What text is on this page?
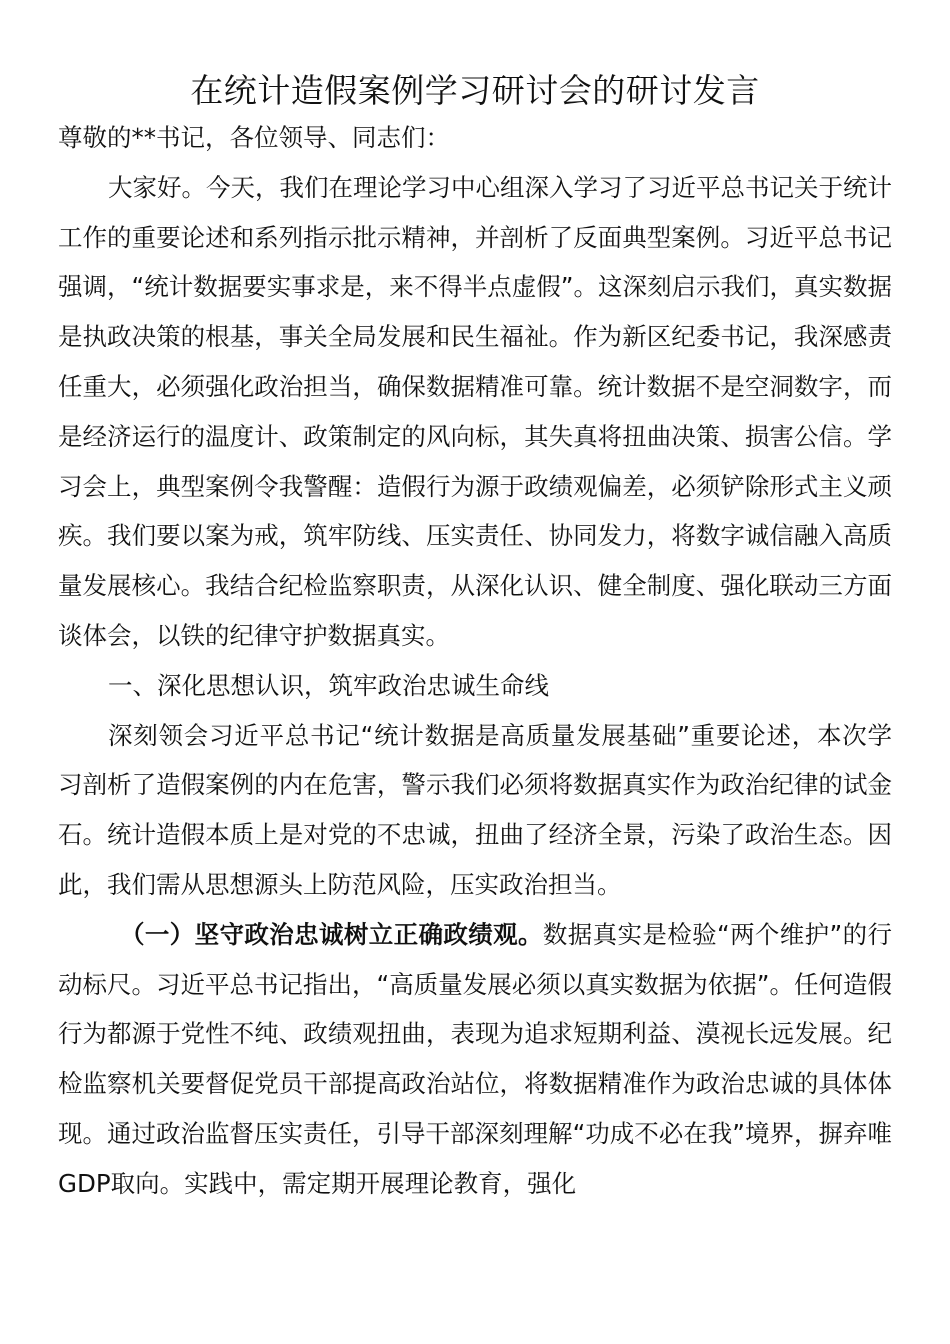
在统计造假案例学习研讨会的研讨发言

尊敬的**书记，各位领导、同志们：

大家好。今天，我们在理论学习中心组深入学习了习近平总书记关于统计工作的重要论述和系列指示批示精神，并剖析了反面典型案例。习近平总书记强调，“统计数据要实事求是，来不得半点虚假”。这深刻启示我们，真实数据是执政决策的根基，事关全局发展和民生福祉。作为新区纪委书记，我深感责任重大，必须强化政治担当，确保数据精准可靠。统计数据不是空洞数字，而是经济运行的温度计、政策制定的风向标，其失真将扭曲决策、损害公信。学习会上，典型案例令我警醒：造假行为源于政绩观偏差，必须铲除形式主义顽疾。我们要以案为戒，筑牢防线、压实责任、协同发力，将数字诚信融入高质量发展核心。我结合纪检监察职责，从深化认识、健全制度、强化联动三方面谈体会，以铁的纪律守护数据真实。

一、深化思想认识，筑牢政治忠诚生命线

深刻领会习近平总书记“统计数据是高质量发展基础”重要论述，本次学习剖析了造假案例的内在危害，警示我们必须将数据真实作为政治纪律的试金石。统计造假本质上是对党的不忠诚，扭曲了经济全景，污染了政治生态。因此，我们需从思想源头上防范风险，压实政治担当。

（一）坚守政治忠诚树立正确政绩观。数据真实是检验“两个维护”的行动标尺。习近平总书记指出，“高质量发展必须以真实数据为依据”。任何造假行为都源于党性不纯、政绩观扭曲，表现为追求短期利益、漠视长远发展。纪检监察机关要督促党员干部提高政治站位，将数据精准作为政治忠诚的具体体现。通过政治监督压实责任，引导干部深刻理解“功成不必在我”境界，摒弃唯GDP取向。实践中，需定期开展理论教育，强化
